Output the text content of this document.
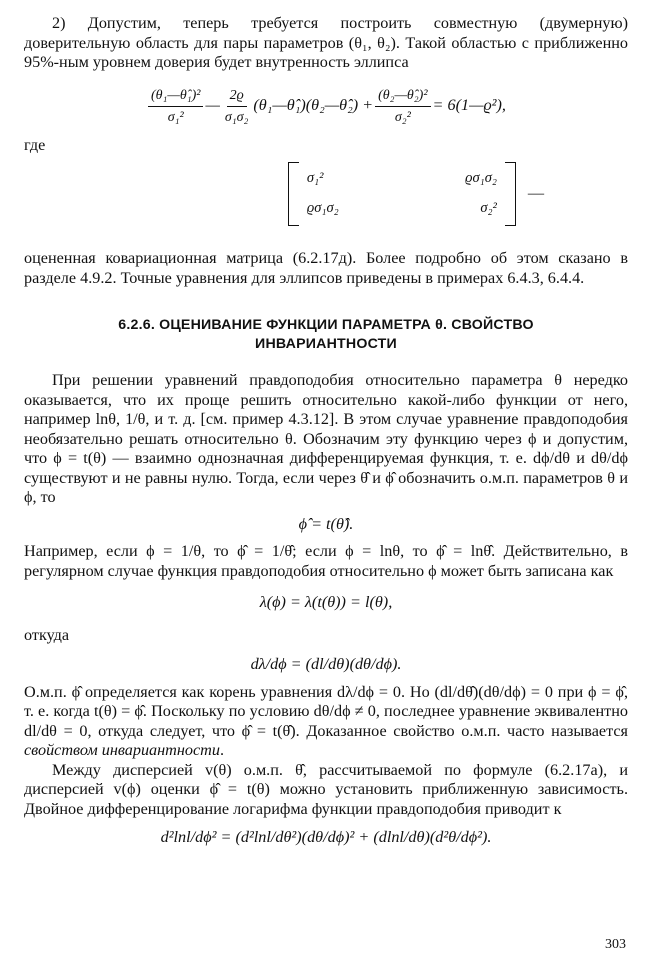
2) Допустим, теперь требуется построить совместную (двумерную) доверительную область для пары параметров (θ₁, θ₂). Такой областью с приближенно 95%-ным уровнем доверия будет внутренность эллипса

$\frac{\text{(θ₁—θ̂₁)²}}{\text{σ₁²}}$ — $\frac{2ϱ}{\text{σ₁σ₂}}$ (θ₁—θ̂₁)(θ₂—θ̂₂) + $\frac{\text{(θ₂—θ̂₂)²}}{\text{σ₂²}}$ = 6(1—ϱ²),

где

σ₁²	ϱσ₁σ₂
ϱσ₁σ₂	σ₂²
—

оцененная ковариационная матрица (6.2.17д). Более подробно об этом сказано в разделе 4.9.2. Точные уравнения для эллипсов приведены в примерах 6.4.3, 6.4.4.

6.2.6. ОЦЕНИВАНИЕ ФУНКЦИИ ПАРАМЕТРА θ. СВОЙСТВО
ИНВАРИАНТНОСТИ

При решении уравнений правдоподобия относительно параметра θ нередко оказывается, что их проще решить относительно какой-либо функции от него, например lnθ, 1/θ, и т. д. [см. пример 4.3.12]. В этом случае уравнение правдоподобия необязательно решать относительно θ. Обозначим эту функцию через ϕ и допустим, что ϕ = t(θ) — взаимно однозначная дифференцируемая функция, т. е. dϕ/dθ и dθ/dϕ существуют и не равны нулю. Тогда, если через θ̂ и ϕ̂ обозначить о.м.п. параметров θ и ϕ, то

ϕ̂ = t(θ̂).

Например, если ϕ = 1/θ, то ϕ̂ = 1/θ̂; если ϕ = lnθ, то ϕ̂ = lnθ̂. Действительно, в регулярном случае функция правдоподобия относительно ϕ может быть записана как

λ(ϕ) = λ(t(θ)) = l(θ),

откуда

dλ/dϕ = (dl/dθ)(dθ/dϕ).

О.м.п. ϕ̂ определяется как корень уравнения dλ/dϕ = 0. Но (dl/dθ̂)(dθ/dϕ) = 0 при ϕ = ϕ̂, т. е. когда t(θ) = ϕ̂. Поскольку по условию dθ/dϕ ≠ 0, последнее уравнение эквивалентно dl/dθ = 0, откуда следует, что ϕ̂ = t(θ̂). Доказанное свойство о.м.п. часто называется свойством инвариантности.

Между дисперсией v(θ) о.м.п. θ̂, рассчитываемой по формуле (6.2.17а), и дисперсией v(ϕ) оценки ϕ̂ = t(θ) можно установить приближенную зависимость. Двойное дифференцирование логарифма функции правдоподобия приводит к

d²lnl/dϕ² = (d²lnl/dθ²)(dθ/dϕ)² + (dlnl/dθ)(d²θ/dϕ²).
303
